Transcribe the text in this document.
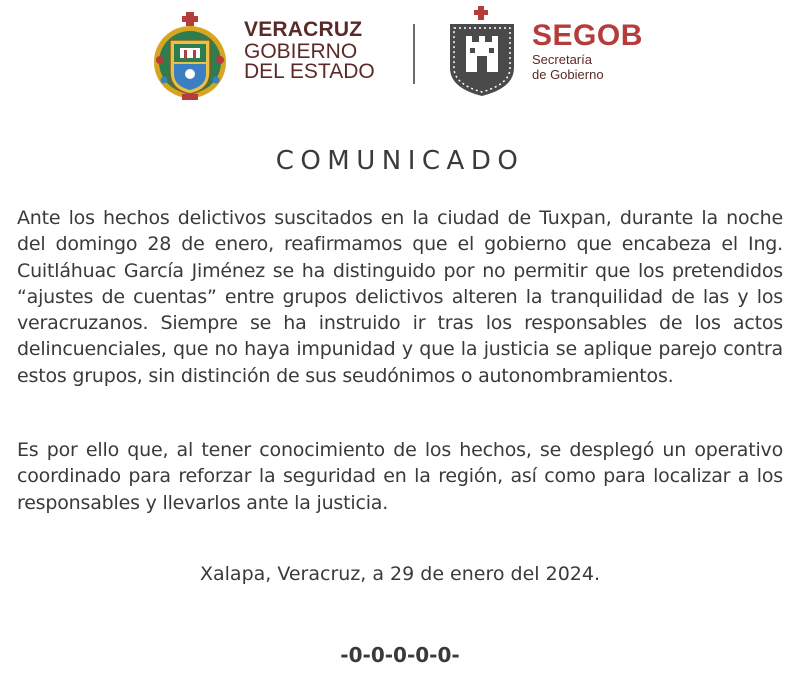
VERACRUZ
GOBIERNO
DEL ESTADO
SEGOB
Secretaría
de Gobierno
COMUNICADO
Ante los hechos delictivos suscitados en la ciudad de Tuxpan, durante la noche del domingo 28 de enero, reafirmamos que el gobierno que encabeza el Ing. Cuitláhuac García Jiménez se ha distinguido por no permitir que los pretendidos “ajustes de cuentas” entre grupos delictivos alteren la tranquilidad de las y los veracruzanos. Siempre se ha instruido ir tras los responsables de los actos delincuenciales, que no haya impunidad y que la justicia se aplique parejo contra estos grupos, sin distinción de sus seudónimos o autonombramientos.
Es por ello que, al tener conocimiento de los hechos, se desplegó un operativo coordinado para reforzar la seguridad en la región, así como para localizar a los responsables y llevarlos ante la justicia.
Xalapa, Veracruz, a 29 de enero del 2024.
-0-0-0-0-0-
